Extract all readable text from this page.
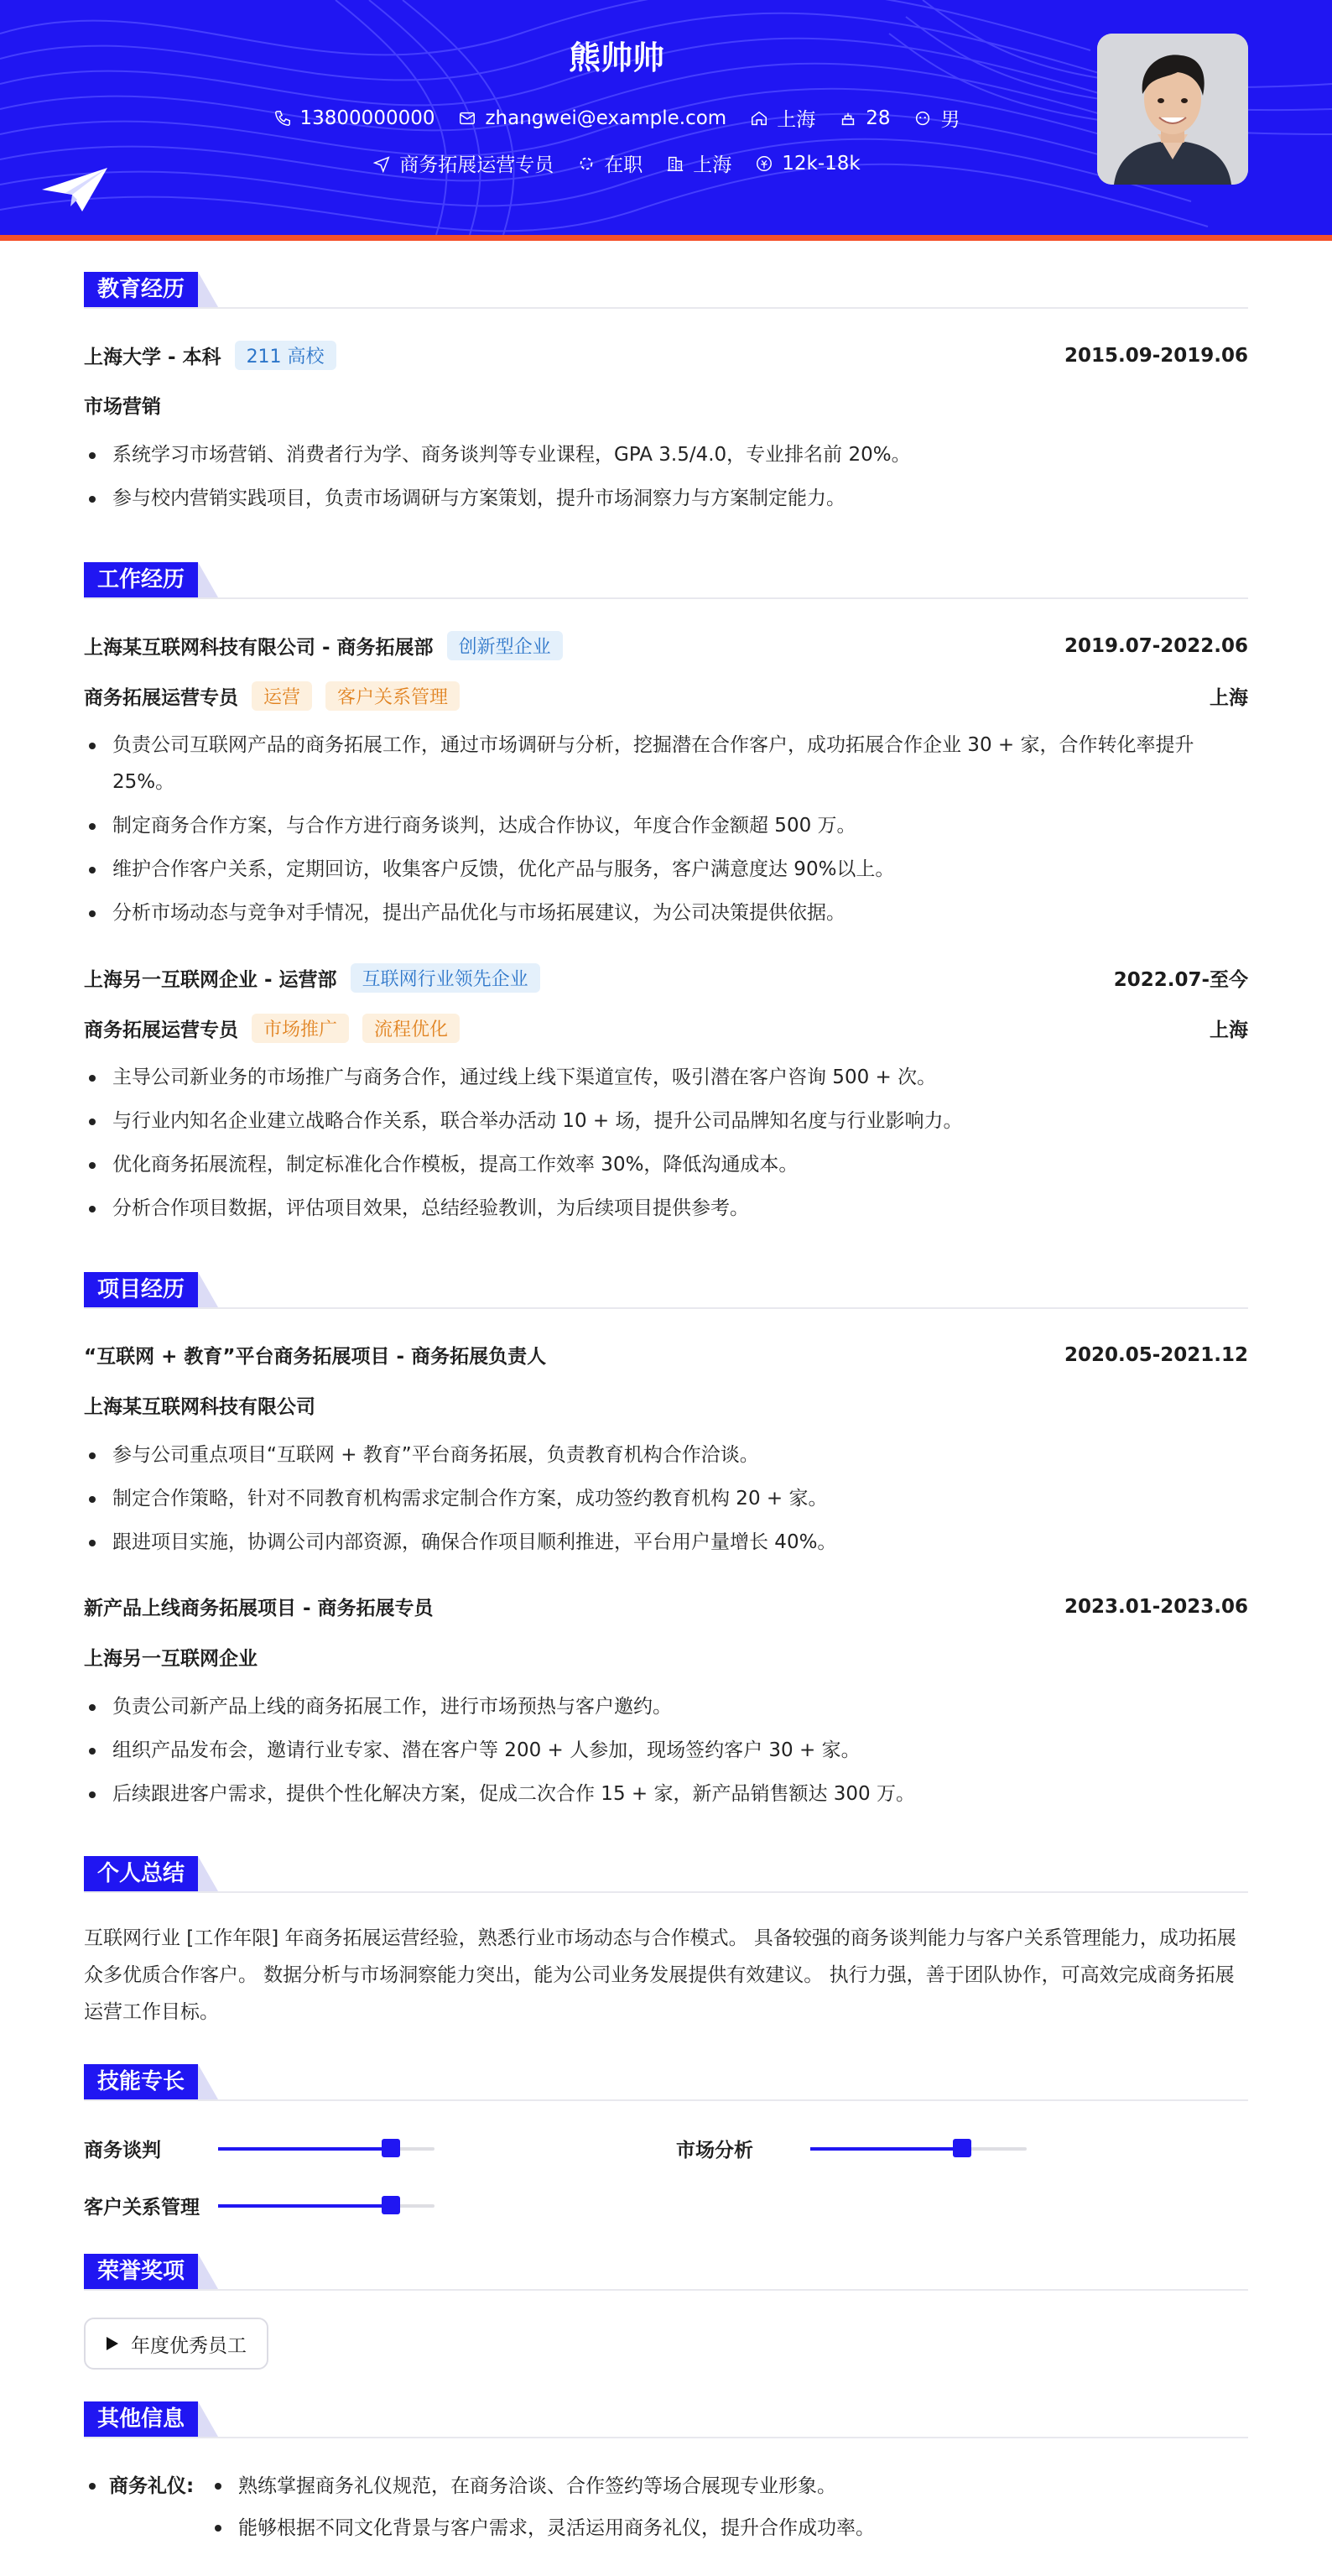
熊帅帅
13800000000	zhangwei@example.com	上海	28	男
商务拓展运营专员	在职	上海	12k-18k
教育经历
上海大学 - 本科	211 高校	2015.09-2019.06
市场营销
系统学习市场营销、消费者行为学、商务谈判等专业课程，GPA 3.5/4.0，专业排名前 20%。
参与校内营销实践项目，负责市场调研与方案策划，提升市场洞察力与方案制定能力。
工作经历
上海某互联网科技有限公司 - 商务拓展部	创新型企业	2019.07-2022.06
商务拓展运营专员	运营	客户关系管理	上海
负责公司互联网产品的商务拓展工作，通过市场调研与分析，挖掘潜在合作客户，成功拓展合作企业 30 + 家，合作转化率提升 25%。
制定商务合作方案，与合作方进行商务谈判，达成合作协议，年度合作金额超 500 万。
维护合作客户关系，定期回访，收集客户反馈，优化产品与服务，客户满意度达 90%以上。
分析市场动态与竞争对手情况，提出产品优化与市场拓展建议，为公司决策提供依据。
上海另一互联网企业 - 运营部	互联网行业领先企业	2022.07-至今
商务拓展运营专员	市场推广	流程优化	上海
主导公司新业务的市场推广与商务合作，通过线上线下渠道宣传，吸引潜在客户咨询 500 + 次。
与行业内知名企业建立战略合作关系，联合举办活动 10 + 场，提升公司品牌知名度与行业影响力。
优化商务拓展流程，制定标准化合作模板，提高工作效率 30%，降低沟通成本。
分析合作项目数据，评估项目效果，总结经验教训，为后续项目提供参考。
项目经历
“互联网 + 教育”平台商务拓展项目 - 商务拓展负责人	2020.05-2021.12
上海某互联网科技有限公司
参与公司重点项目“互联网 + 教育”平台商务拓展，负责教育机构合作洽谈。
制定合作策略，针对不同教育机构需求定制合作方案，成功签约教育机构 20 + 家。
跟进项目实施，协调公司内部资源，确保合作项目顺利推进，平台用户量增长 40%。
新产品上线商务拓展项目 - 商务拓展专员	2023.01-2023.06
上海另一互联网企业
负责公司新产品上线的商务拓展工作，进行市场预热与客户邀约。
组织产品发布会，邀请行业专家、潜在客户等 200 + 人参加，现场签约客户 30 + 家。
后续跟进客户需求，提供个性化解决方案，促成二次合作 15 + 家，新产品销售额达 300 万。
个人总结
互联网行业 [工作年限] 年商务拓展运营经验，熟悉行业市场动态与合作模式。 具备较强的商务谈判能力与客户关系管理能力，成功拓展众多优质合作客户。 数据分析与市场洞察能力突出，能为公司业务发展提供有效建议。 执行力强，善于团队协作，可高效完成商务拓展运营工作目标。
技能专长
商务谈判	市场分析
客户关系管理
荣誉奖项
年度优秀员工
其他信息
商务礼仪:	熟练掌握商务礼仪规范，在商务洽谈、合作签约等场合展现专业形象。
能够根据不同文化背景与客户需求，灵活运用商务礼仪，提升合作成功率。
